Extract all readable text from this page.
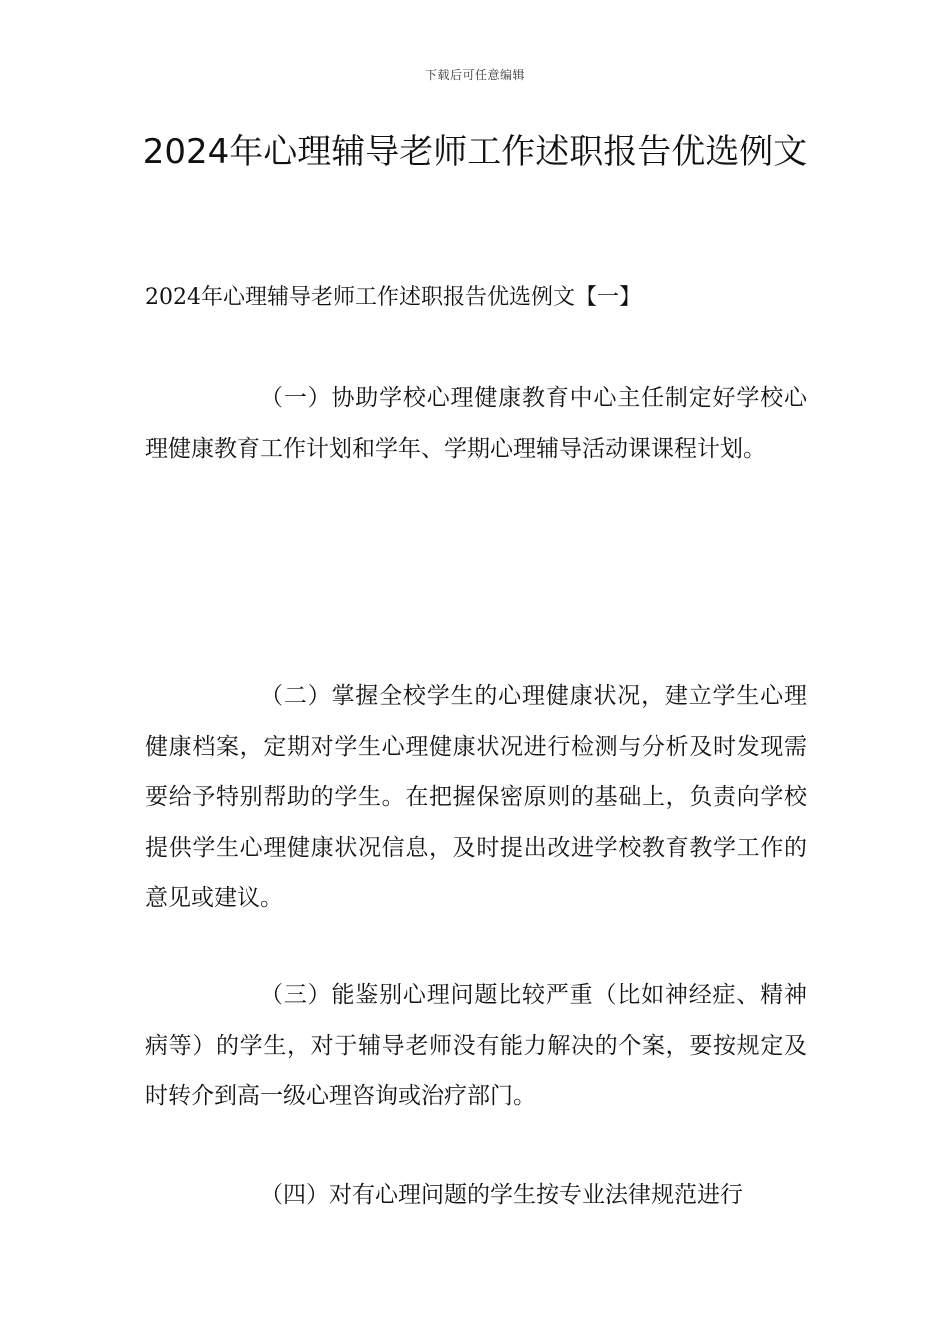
下载后可任意编辑
2024年心理辅导老师工作述职报告优选例文
2024年心理辅导老师工作述职报告优选例文【一】

（一）协助学校心理健康教育中心主任制定好学校心理健康教育工作计划和学年、学期心理辅导活动课课程计划。

（二）掌握全校学生的心理健康状况，建立学生心理健康档案，定期对学生心理健康状况进行检测与分析及时发现需要给予特别帮助的学生。在把握保密原则的基础上，负责向学校提供学生心理健康状况信息，及时提出改进学校教育教学工作的意见或建议。

（三）能鉴别心理问题比较严重（比如神经症、精神病等）的学生，对于辅导老师没有能力解决的个案，要按规定及时转介到高一级心理咨询或治疗部门。

（四）对有心理问题的学生按专业法律规范进行
